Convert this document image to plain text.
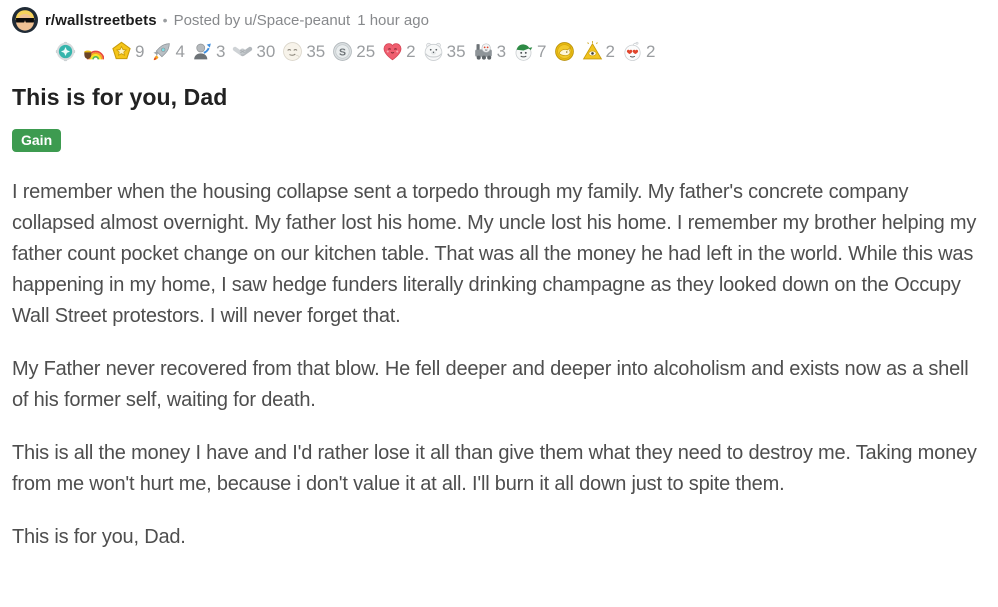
r/wallstreetbets • Posted by u/Space-peanut 1 hour ago
9 4 3 30 35 S 25 2 35 3 7	2 2
This is for you, Dad
Gain

I remember when the housing collapse sent a torpedo through my family. My father's concrete company collapsed almost overnight. My father lost his home. My uncle lost his home. I remember my brother helping my father count pocket change on our kitchen table. That was all the money he had left in the world. While this was happening in my home, I saw hedge funders literally drinking champagne as they looked down on the Occupy Wall Street protestors. I will never forget that.

My Father never recovered from that blow. He fell deeper and deeper into alcoholism and exists now as a shell of his former self, waiting for death.

This is all the money I have and I'd rather lose it all than give them what they need to destroy me. Taking money from me won't hurt me, because i don't value it at all. I'll burn it all down just to spite them.

This is for you, Dad.
